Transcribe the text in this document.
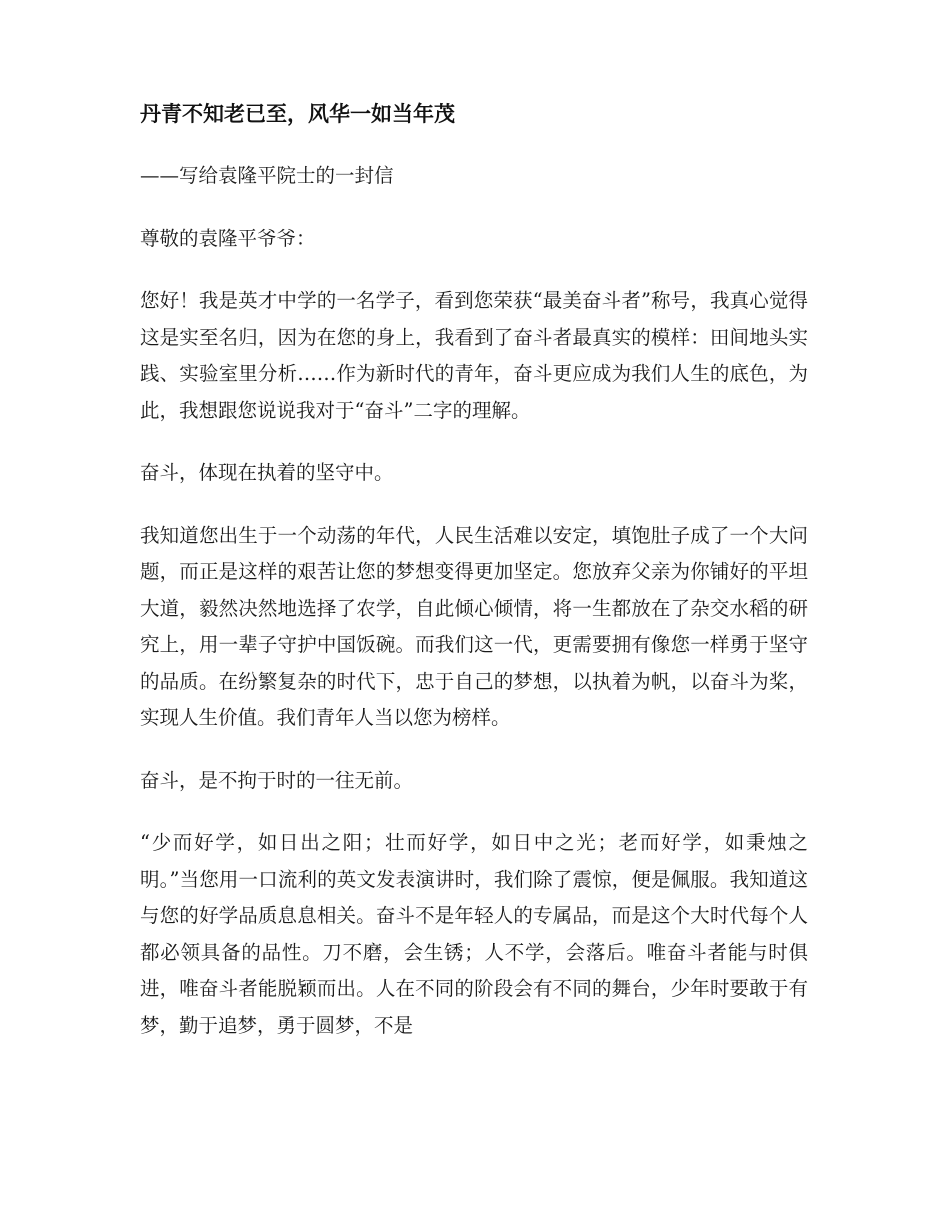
丹青不知老已至，风华一如当年茂
——写给袁隆平院士的一封信
尊敬的袁隆平爷爷：
您好！我是英才中学的一名学子，看到您荣获“最美奋斗者”称号，我真心觉得这是实至名归，因为在您的身上，我看到了奋斗者最真实的模样：田间地头实践、实验室里分析……作为新时代的青年，奋斗更应成为我们人生的底色，为此，我想跟您说说我对于“奋斗”二字的理解。
奋斗，体现在执着的坚守中。
我知道您出生于一个动荡的年代，人民生活难以安定，填饱肚子成了一个大问题，而正是这样的艰苦让您的梦想变得更加坚定。您放弃父亲为你铺好的平坦大道，毅然决然地选择了农学，自此倾心倾情，将一生都放在了杂交水稻的研究上，用一辈子守护中国饭碗。而我们这一代，更需要拥有像您一样勇于坚守的品质。在纷繁复杂的时代下，忠于自己的梦想，以执着为帆，以奋斗为桨，实现人生价值。我们青年人当以您为榜样。
奋斗，是不拘于时的一往无前。
“少而好学，如日出之阳；壮而好学，如日中之光；老而好学，如秉烛之明。”当您用一口流利的英文发表演讲时，我们除了震惊，便是佩服。我知道这与您的好学品质息息相关。奋斗不是年轻人的专属品，而是这个大时代每个人都必领具备的品性。刀不磨，会生锈；人不学，会落后。唯奋斗者能与时俱进，唯奋斗者能脱颖而出。人在不同的阶段会有不同的舞台，少年时要敢于有梦，勤于追梦，勇于圆梦，不是
